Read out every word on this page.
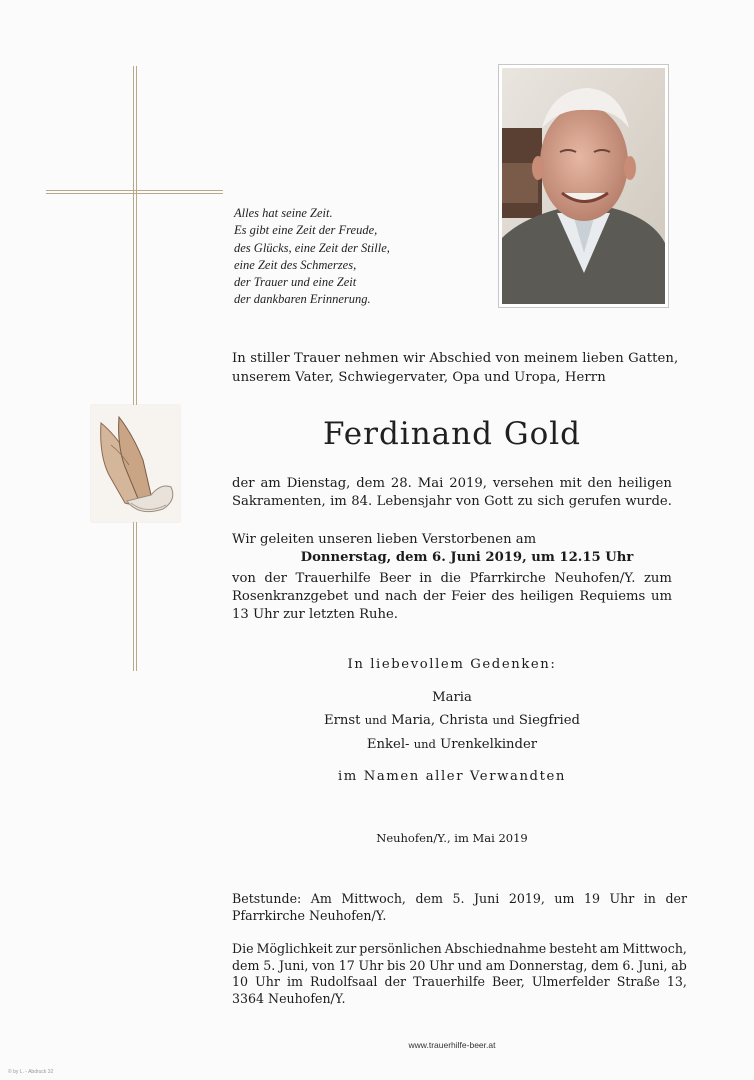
Alles hat seine Zeit.
Es gibt eine Zeit der Freude,
des Glücks, eine Zeit der Stille,
eine Zeit des Schmerzes,
der Trauer und eine Zeit
der dankbaren Erinnerung.
In stiller Trauer nehmen wir Abschied von meinem lieben Gatten,
unserem Vater, Schwiegervater, Opa und Uropa, Herrn
Ferdinand Gold
der am Dienstag, dem 28. Mai 2019, versehen mit den heiligen
Sakramenten, im 84. Lebensjahr von Gott zu sich gerufen wurde.
Wir geleiten unseren lieben Verstorbenen am
Donnerstag, dem 6. Juni 2019, um 12.15 Uhr
von der Trauerhilfe Beer in die Pfarrkirche Neuhofen/Y. zum
Rosenkranzgebet und nach der Feier des heiligen Requiems um
13 Uhr zur letzten Ruhe.
In liebevollem Gedenken:
Maria
Ernst und Maria, Christa und Siegfried
Enkel- und Urenkelkinder
im Namen aller Verwandten
Neuhofen/Y., im Mai 2019
Betstunde: Am Mittwoch, dem 5. Juni 2019, um 19 Uhr in der
Pfarrkirche Neuhofen/Y.
Die Möglichkeit zur persönlichen Abschiednahme besteht am Mittwoch,
dem 5. Juni, von 17 Uhr bis 20 Uhr und am Donnerstag, dem 6. Juni, ab
10 Uhr im Rudolfsaal der Trauerhilfe Beer, Ulmerfelder Straße 13,
3364 Neuhofen/Y.
www.trauerhilfe-beer.at
© by L. - Abdruck 32
